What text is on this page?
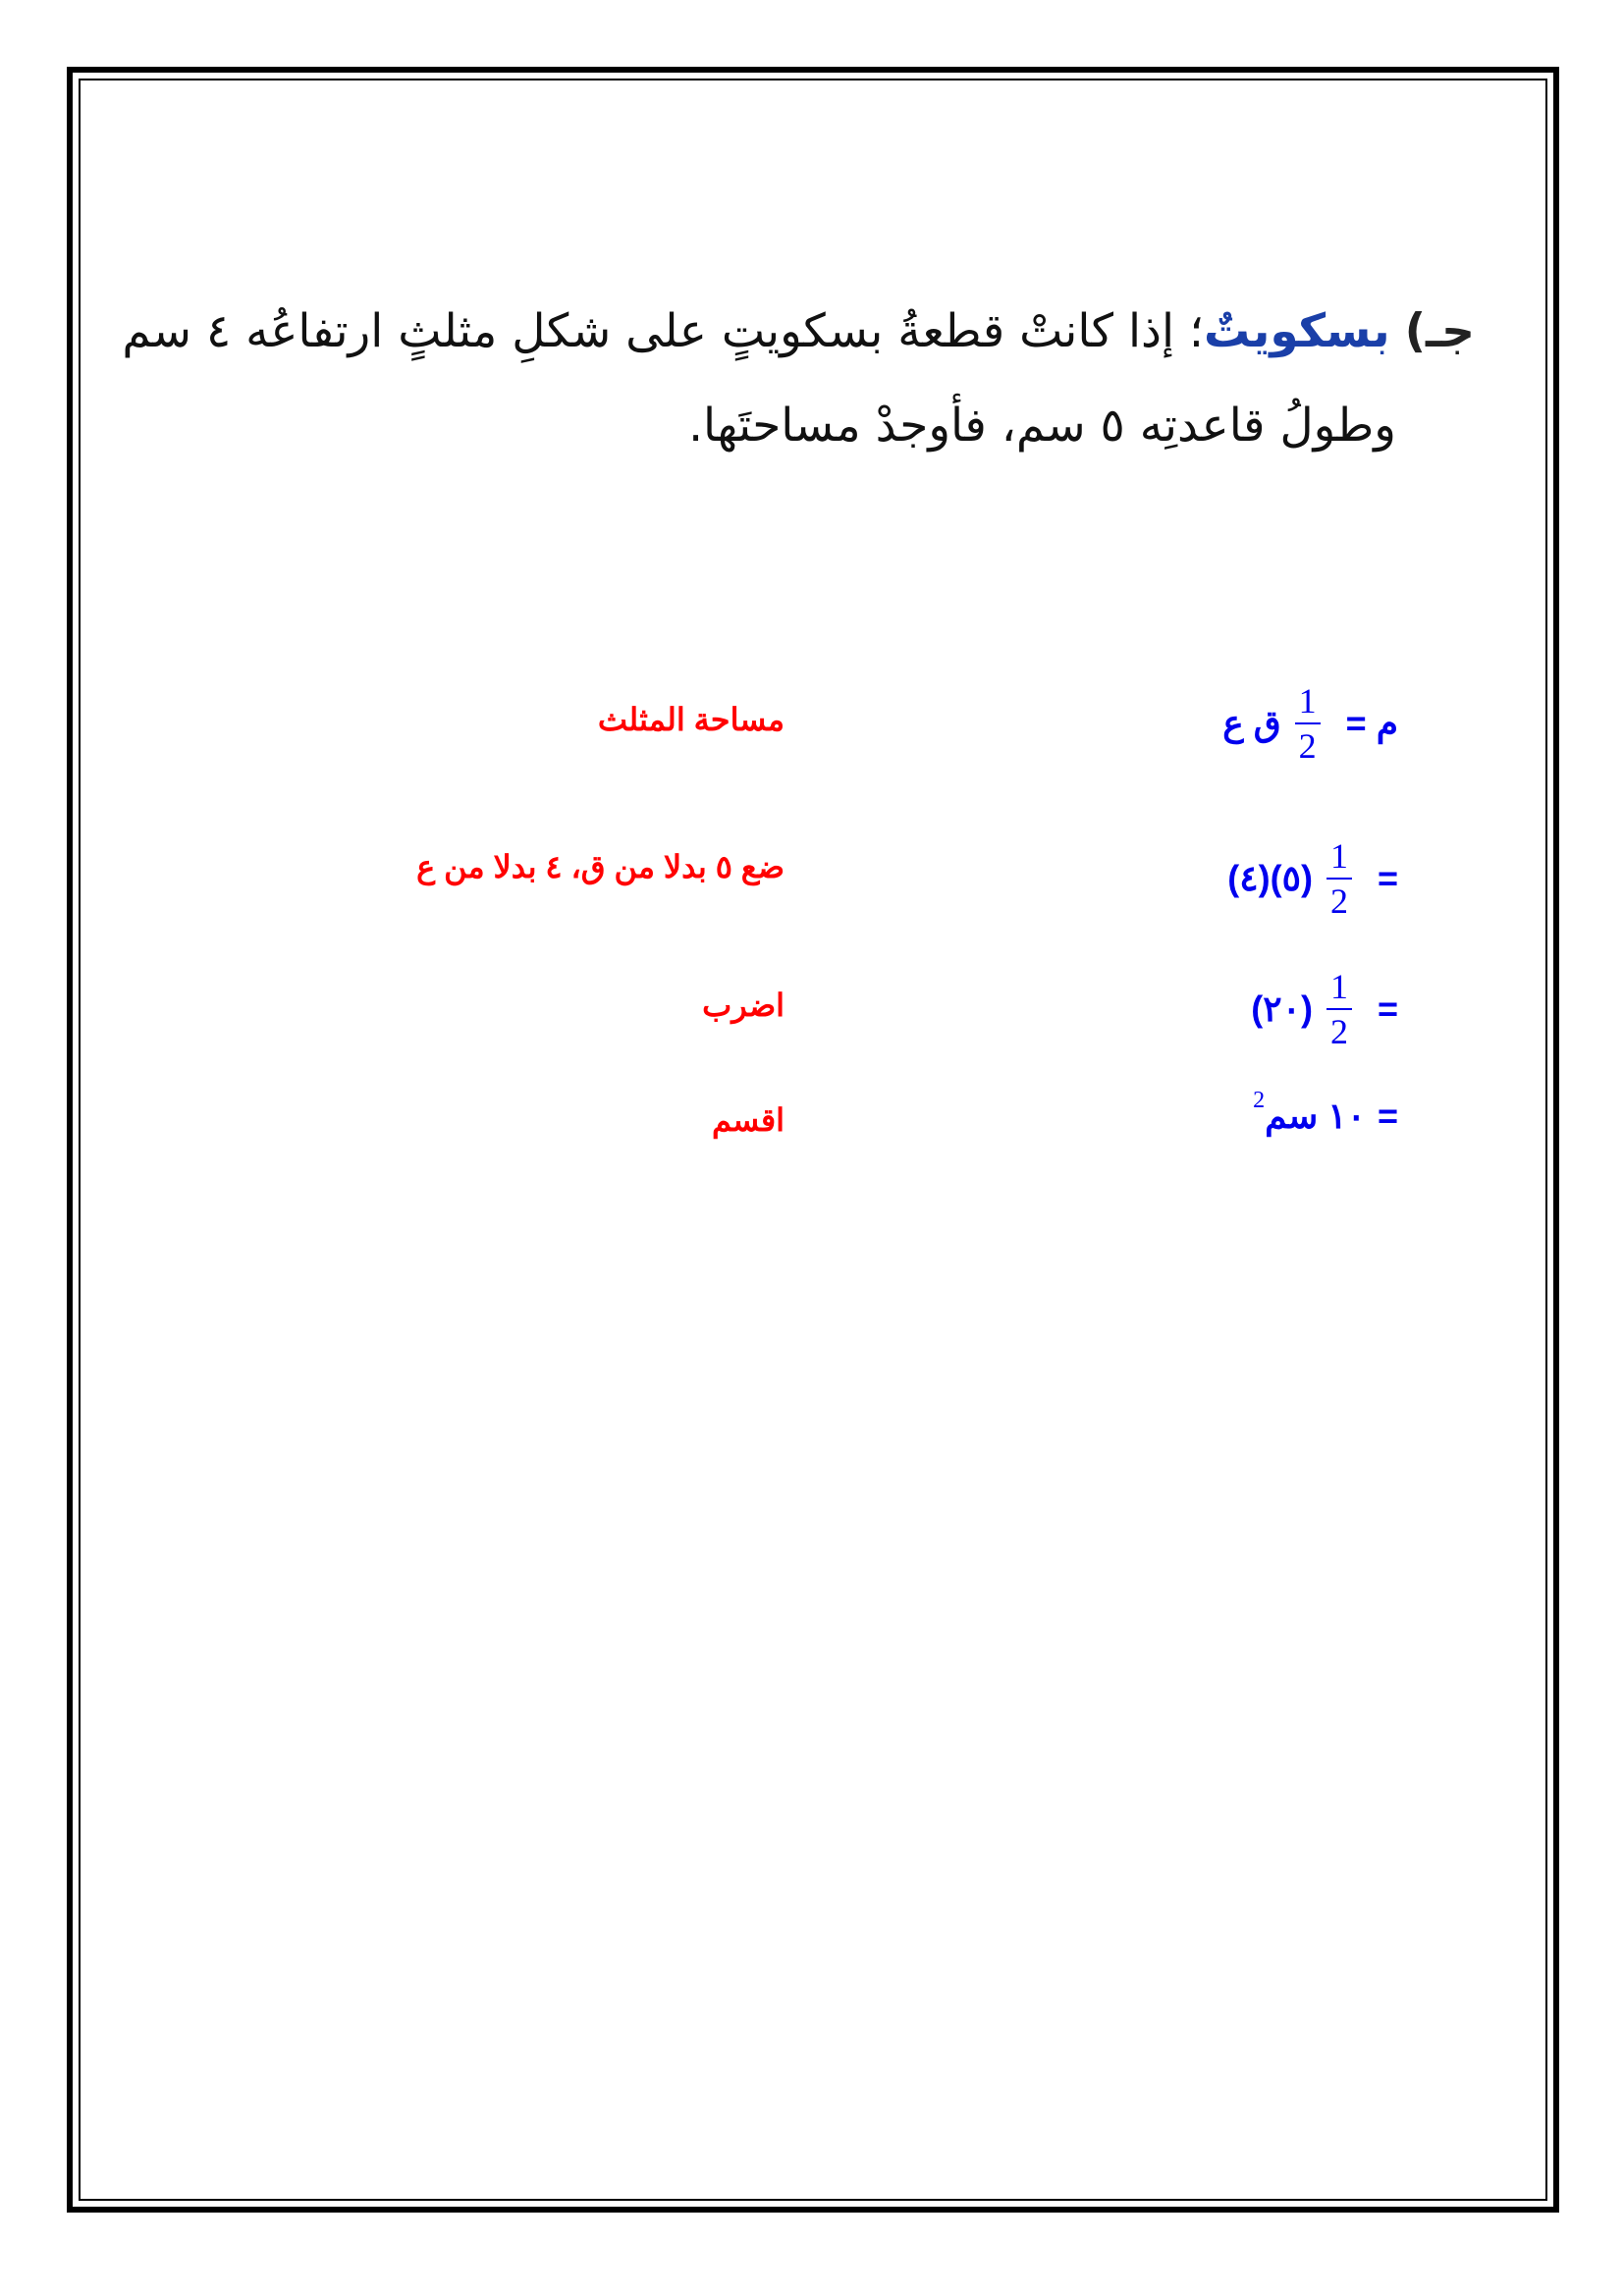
جـ) بسكويتٌ؛ إذا كانتْ قطعةُ بسكويتٍ على شكلِ مثلثٍ ارتفاعُه ٤ سم
وطولُ قاعدتِه ٥ سم، فأوجدْ مساحتَها.
م =
$\frac{1}{2}$
ق ع
مساحة المثلث
=
$\frac{1}{2}$
(٥)(٤)
ضع ٥ بدلا من ق، ٤ بدلا من ع
=
$\frac{1}{2}$
(٢٠)
اضرب
=
١٠ سم
2
اقسم
